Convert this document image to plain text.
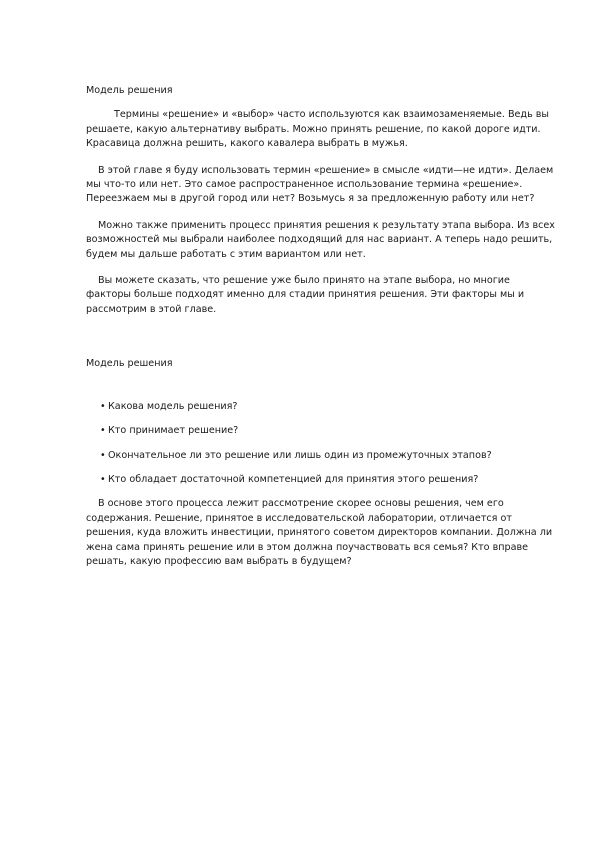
Модель решения

Термины «решение» и «выбор» часто используются как взаимозаменяемые. Ведь вы решаете, какую альтернативу выбрать. Можно принять решение, по какой дороге идти. Красавица должна решить, какого кавалера выбрать в мужья.

В этой главе я буду использовать термин «решение» в смысле «идти—не идти». Делаем мы что-то или нет. Это самое распространенное использование термина «решение». Переезжаем мы в другой город или нет? Возьмусь я за предложенную работу или нет?

Можно также применить процесс принятия решения к результату этапа выбора. Из всех возможностей мы выбрали наиболее подходящий для нас вариант. А теперь надо решить, будем мы дальше работать с этим вариантом или нет.

Вы можете сказать, что решение уже было принято на этапе выбора, но многие факторы больше подходят именно для стадии принятия решения. Эти факторы мы и рассмотрим в этой главе.

Модель решения
• Какова модель решения?
• Кто принимает решение?
• Окончательное ли это решение или лишь один из промежуточных этапов?
• Кто обладает достаточной компетенцией для принятия этого решения?

В основе этого процесса лежит рассмотрение скорее основы решения, чем его содержания. Решение, принятое в исследовательской лаборатории, отличается от решения, куда вложить инвестиции, принятого советом директоров компании. Должна ли жена сама принять решение или в этом должна поучаствовать вся семья? Кто вправе решать, какую профессию вам выбрать в будущем?
